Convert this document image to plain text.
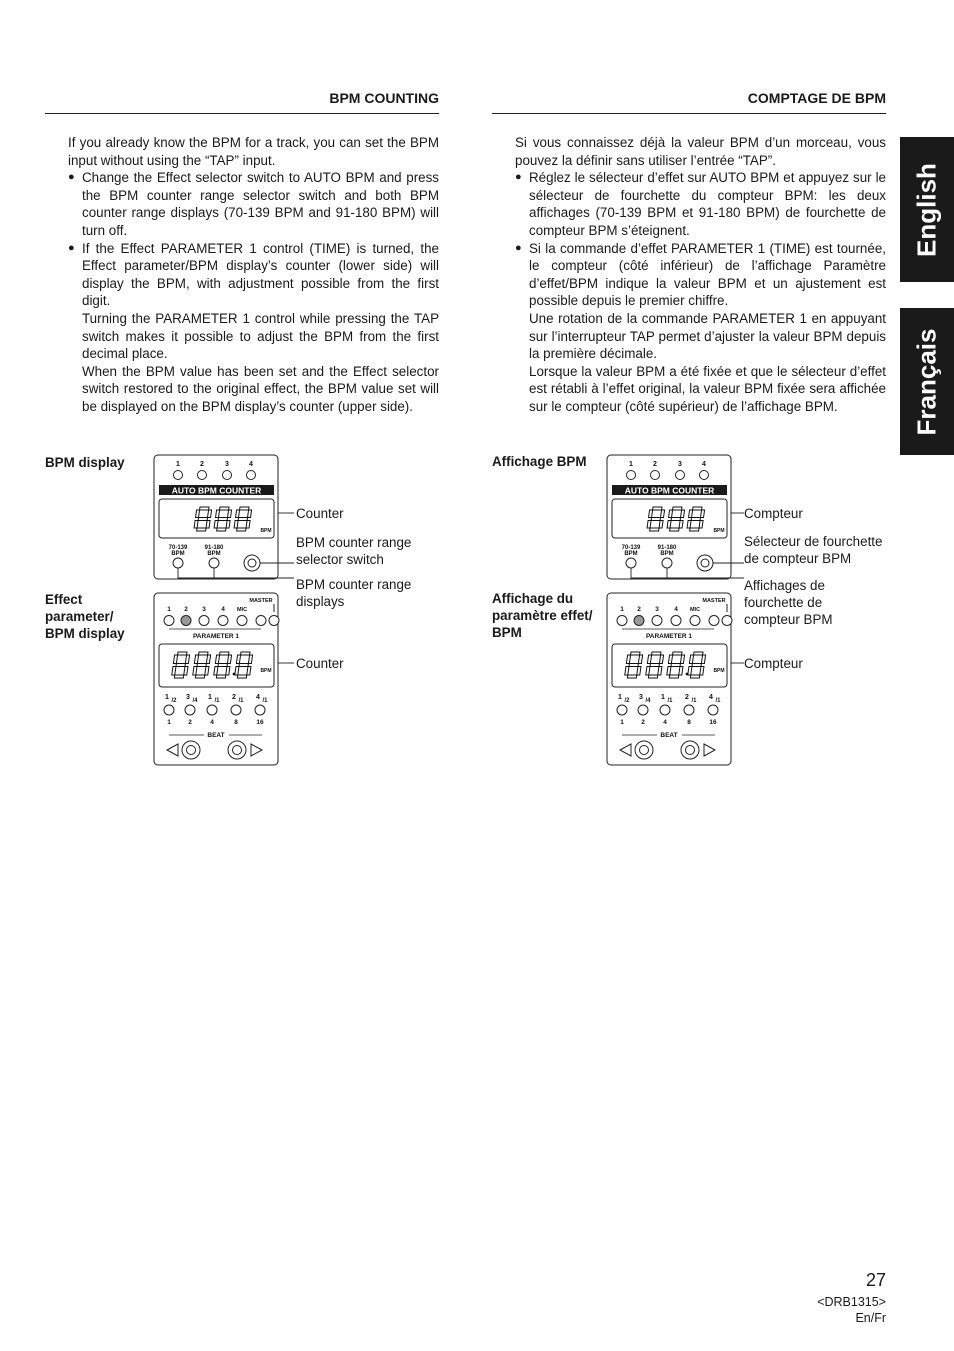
BPM COUNTING

If you already know the BPM for a track, you can set the BPM input without using the “TAP” input.

● Change the Effect selector switch to AUTO BPM and press the BPM counter range selector switch and both BPM counter range displays (70-139 BPM and 91-180 BPM) will turn off.

● If the Effect PARAMETER 1 control (TIME) is turned, the Effect parameter/BPM display’s counter (lower side) will display the BPM, with adjustment possible from the first digit.

Turning the PARAMETER 1 control while pressing the TAP switch makes it possible to adjust the BPM from the first decimal place.

When the BPM value has been set and the Effect selector switch restored to the original effect, the BPM value set will be displayed on the BPM display’s counter (upper side).

COMPTAGE DE BPM

Si vous connaissez déjà la valeur BPM d’un morceau, vous pouvez la définir sans utiliser l’entrée “TAP”.

● Réglez le sélecteur d’effet sur AUTO BPM et appuyez sur le sélecteur de fourchette du compteur BPM: les deux affichages (70-139 BPM et 91-180 BPM) de fourchette de compteur BPM s’éteignent.

● Si la commande d’effet PARAMETER 1 (TIME) est tournée, le compteur (côté inférieur) de l’affichage Paramètre d’effet/BPM indique la valeur BPM et un ajustement est possible depuis le premier chiffre.

Une rotation de la commande PARAMETER 1 en appuyant sur l’interrupteur TAP permet d’ajuster la valeur BPM depuis la première décimale.

Lorsque la valeur BPM a été fixée et que le sélecteur d’effet est rétabli à l’effet original, la valeur BPM fixée sera affichée sur le compteur (côté supérieur) de l’affichage BPM.

English
Français
BPM display
Effect
parameter/
BPM display
1	2	3	4
AUTO BPM COUNTER
BPM
70-139
BPM
91-180
BPM
MASTER
1 2 3 4 MIC
PARAMETER 1
BPM
1 /2
1
3 /4
2
1 /1
4
2 /1
8
4 /1
16
BEAT
Counter
BPM counter range
selector switch
BPM counter range
displays
Counter
Affichage BPM
Affichage du
paramètre effet/
BPM
1	2	3	4
AUTO BPM COUNTER
BPM
70-139
BPM
91-180
BPM
MASTER
1 2 3 4 MIC
PARAMETER 1
BPM
1 /2
1
3 /4
2
1 /1
4
2 /1
8
4 /1
16
BEAT
Compteur
Sélecteur de fourchette
de compteur BPM
Affichages de
fourchette de
compteur BPM
Compteur
27
<DRB1315>
En/Fr
